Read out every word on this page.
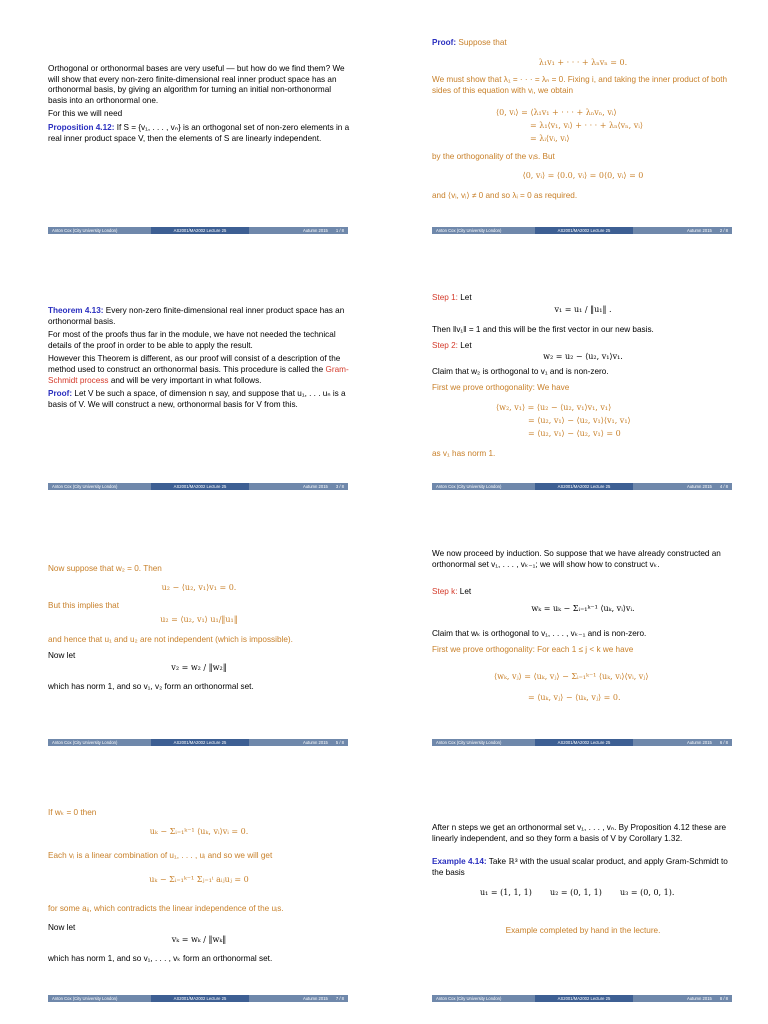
Orthogonal or orthonormal bases are very useful — but how do we find them? We will show that every non-zero finite-dimensional real inner product space has an orthonormal basis, by giving an algorithm for turning an initial non-orthonormal basis into an orthonormal one.

For this we will need

Proposition 4.12: If S = {v₁, . . . , vₙ} is an orthogonal set of non-zero elements in a real inner product space V, then the elements of S are linearly independent.

Anton Cox (City University London)	AS2001/MA2002 Lecture 25	Autumn 2015 1 / 8

Proof: Suppose that

λ₁v₁ + · · · + λₙvₙ = 0.
We must show that λ₁ = · · · = λₙ = 0. Fixing i, and taking the inner product of both sides of this equation with vᵢ, we obtain
⟨0, vᵢ⟩ = ⟨λ₁v₁ + · · · + λₙvₙ, vᵢ⟩
= λ₁⟨v₁, vᵢ⟩ + · · · + λₙ⟨vₙ, vᵢ⟩
= λᵢ⟨vᵢ, vᵢ⟩
by the orthogonality of the vᵢs. But
⟨0, vᵢ⟩ = ⟨0.0, vᵢ⟩ = 0⟨0, vᵢ⟩ = 0
and ⟨vᵢ, vᵢ⟩ ≠ 0 and so λᵢ = 0 as required.
Anton Cox (City University London)	AS2001/MA2002 Lecture 25	Autumn 2015 2 / 8

Theorem 4.13: Every non-zero finite-dimensional real inner product space has an orthonormal basis.

For most of the proofs thus far in the module, we have not needed the technical details of the proof in order to be able to apply the result.

However this Theorem is different, as our proof will consist of a description of the method used to construct an orthonormal basis. This procedure is called the Gram-Schmidt process and will be very important in what follows.

Proof: Let V be such a space, of dimension n say, and suppose that u₁, . . . uₙ is a basis of V. We will construct a new, orthonormal basis for V from this.

Anton Cox (City University London)	AS2001/MA2002 Lecture 25	Autumn 2015 3 / 8
Step 1: Let
v₁ = u₁ / ‖u₁‖ .
Then ‖v₁‖ = 1 and this will be the first vector in our new basis.
Step 2: Let
w₂ = u₂ − ⟨u₂, v₁⟩v₁.
Claim that w₂ is orthogonal to v₁ and is non-zero.
First we prove orthogonality: We have
⟨w₂, v₁⟩ = ⟨u₂ − ⟨u₂, v₁⟩v₁, v₁⟩
= ⟨u₂, v₁⟩ − ⟨u₂, v₁⟩⟨v₁, v₁⟩
= ⟨u₂, v₁⟩ − ⟨u₂, v₁⟩ = 0
as v₁ has norm 1.
Anton Cox (City University London)	AS2001/MA2002 Lecture 25	Autumn 2015 4 / 8
Now suppose that w₂ = 0. Then
u₂ − ⟨u₂, v₁⟩v₁ = 0.
But this implies that
u₂ = ⟨u₂, v₁⟩ u₁/‖u₁‖
and hence that u₁ and u₂ are not independent (which is impossible).
Now let
v₂ = w₂ / ‖w₂‖
which has norm 1, and so v₁, v₂ form an orthonormal set.
Anton Cox (City University London)	AS2001/MA2002 Lecture 25	Autumn 2015 5 / 8
We now proceed by induction. So suppose that we have already constructed an orthonormal set v₁, . . . , vₖ₋₁; we will show how to construct vₖ.
Step k: Let
wₖ = uₖ − Σᵢ₌₁ᵏ⁻¹ ⟨uₖ, vᵢ⟩vᵢ.
Claim that wₖ is orthogonal to v₁, . . . , vₖ₋₁ and is non-zero.
First we prove orthogonality: For each 1 ≤ j < k we have
⟨wₖ, vⱼ⟩ = ⟨uₖ, vⱼ⟩ − Σᵢ₌₁ᵏ⁻¹ ⟨uₖ, vᵢ⟩⟨vᵢ, vⱼ⟩
= ⟨uₖ, vⱼ⟩ − ⟨uₖ, vⱼ⟩ = 0.
Anton Cox (City University London)	AS2001/MA2002 Lecture 25	Autumn 2015 6 / 8
If wₖ = 0 then
uₖ − Σᵢ₌₁ᵏ⁻¹ ⟨uₖ, vᵢ⟩vᵢ = 0.
Each vᵢ is a linear combination of u₁, . . . , uᵢ and so we will get
uₖ − Σᵢ₌₁ᵏ⁻¹ Σⱼ₌₁ⁱ aᵢⱼuⱼ = 0
for some aᵢⱼ, which contradicts the linear independence of the uᵢs.
Now let
vₖ = wₖ / ‖wₖ‖
which has norm 1, and so v₁, . . . , vₖ form an orthonormal set.
Anton Cox (City University London)	AS2001/MA2002 Lecture 25	Autumn 2015 7 / 8
After n steps we get an orthonormal set v₁, . . . , vₙ. By Proposition 4.12 these are linearly independent, and so they form a basis of V by Corollary 1.32.
Example 4.14: Take ℝ³ with the usual scalar product, and apply Gram-Schmidt to the basis
u₁ = (1, 1, 1) u₂ = (0, 1, 1) u₃ = (0, 0, 1).
Example completed by hand in the lecture.
Anton Cox (City University London)	AS2001/MA2002 Lecture 25	Autumn 2015 8 / 8
